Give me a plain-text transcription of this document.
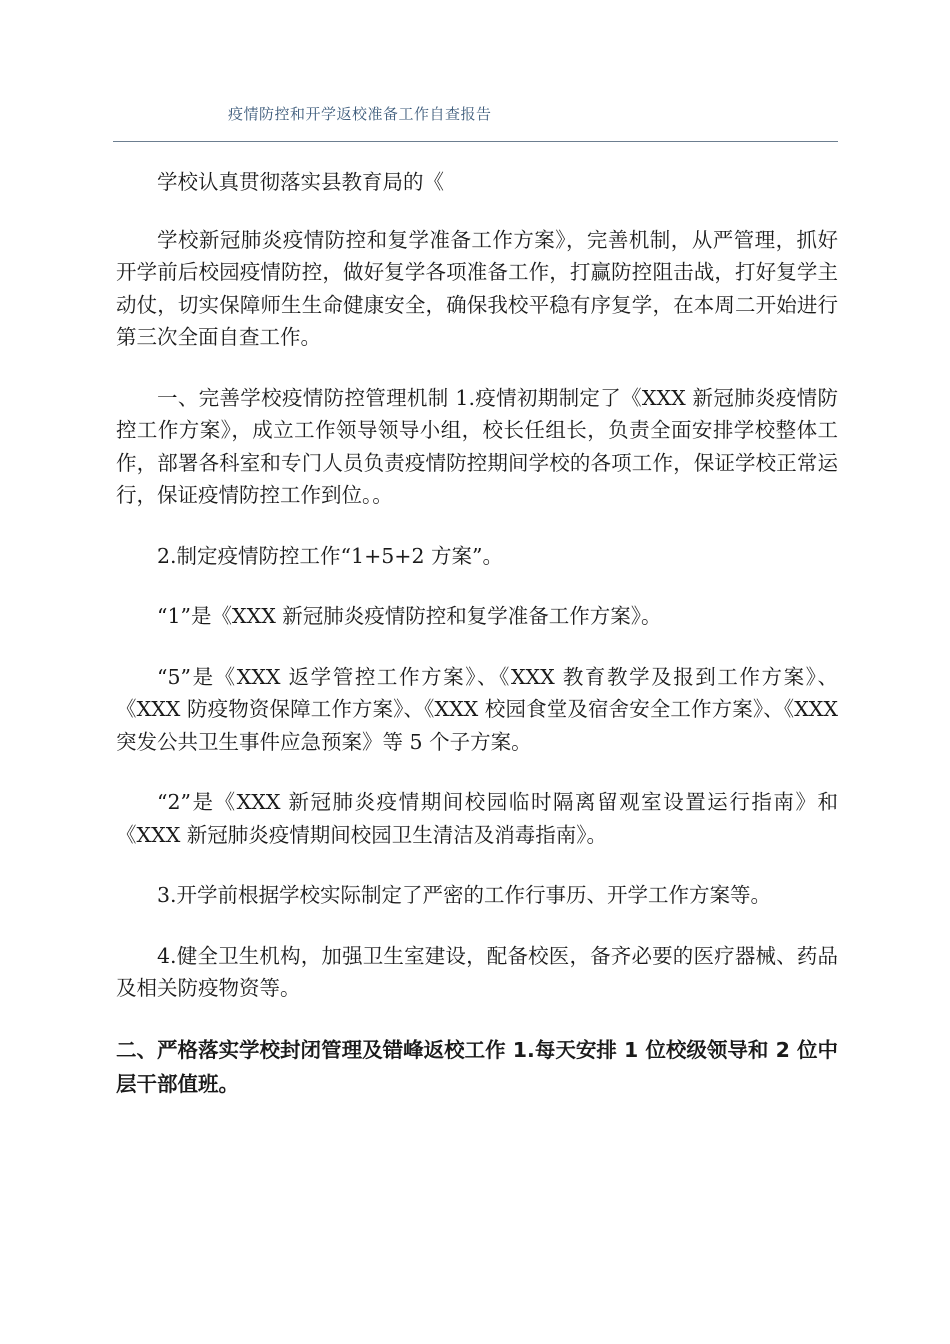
疫情防控和开学返校准备工作自查报告

学校认真贯彻落实县教育局的《

学校新冠肺炎疫情防控和复学准备工作方案》，完善机制，从严管理，抓好开学前后校园疫情防控，做好复学各项准备工作，打赢防控阻击战，打好复学主动仗，切实保障师生生命健康安全，确保我校平稳有序复学，在本周二开始进行第三次全面自查工作。

一、完善学校疫情防控管理机制 1.疫情初期制定了《XXX 新冠肺炎疫情防控工作方案》，成立工作领导领导小组，校长任组长，负责全面安排学校整体工作，部署各科室和专门人员负责疫情防控期间学校的各项工作，保证学校正常运行，保证疫情防控工作到位。。

2.制定疫情防控工作“1+5+2 方案”。

“1”是《XXX 新冠肺炎疫情防控和复学准备工作方案》。

“5”是《XXX 返学管控工作方案》、《XXX 教育教学及报到工作方案》、《XXX 防疫物资保障工作方案》、《XXX 校园食堂及宿舍安全工作方案》、《XXX 突发公共卫生事件应急预案》等 5 个子方案。

“2”是《XXX 新冠肺炎疫情期间校园临时隔离留观室设置运行指南》和《XXX 新冠肺炎疫情期间校园卫生清洁及消毒指南》。

3.开学前根据学校实际制定了严密的工作行事历、开学工作方案等。

4.健全卫生机构，加强卫生室建设，配备校医，备齐必要的医疗器械、药品及相关防疫物资等。

二、严格落实学校封闭管理及错峰返校工作 1.每天安排 1 位校级领导和 2 位中层干部值班。
